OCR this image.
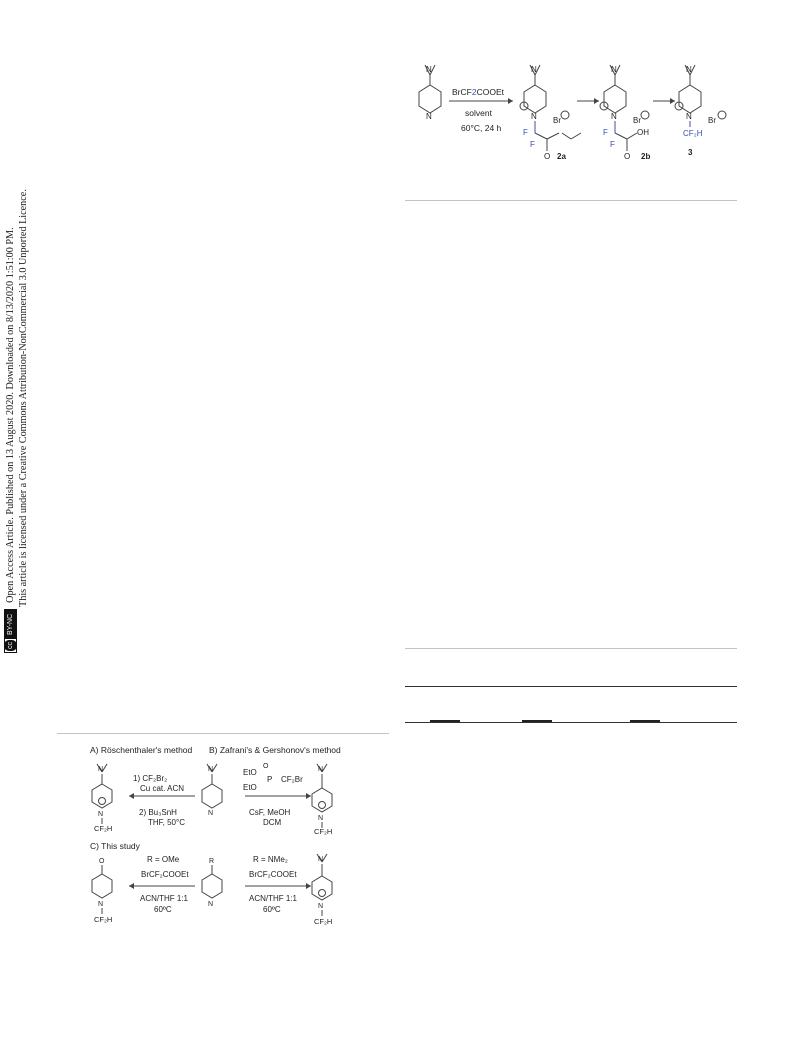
cc
BY-NC
Open Access Article. Published on 13 August 2020. Downloaded on 8/13/2020 1:51:00 PM. This article is licensed under a Creative Commons Attribution-NonCommercial 3.0 Unported Licence.
N
N
BrCF2COOEt
solvent
60°C, 24 h
N
N
F
F
O
Br
2a
N
N
F
F
O
OH
Br
2b
N
N
CF₂H
Br
3
A) Röschenthaler's method B) Zafrani's & Gershonov's method
N
N
CF₂H
1) CF₂Br₂
Cu cat. ACN
2) Bu₃SnH
THF, 50°C
N
N
EtO
O
P CF₂Br
EtO
CsF, MeOH
DCM
N
N
CF₂H
C) This study
O
N
CF₂H
R = OMe
BrCF₂COOEt
ACN/THF 1:1
60ºC
R
N
R = NMe₂
BrCF₂COOEt
ACN/THF 1:1
60ºC
N
N
CF₂H
